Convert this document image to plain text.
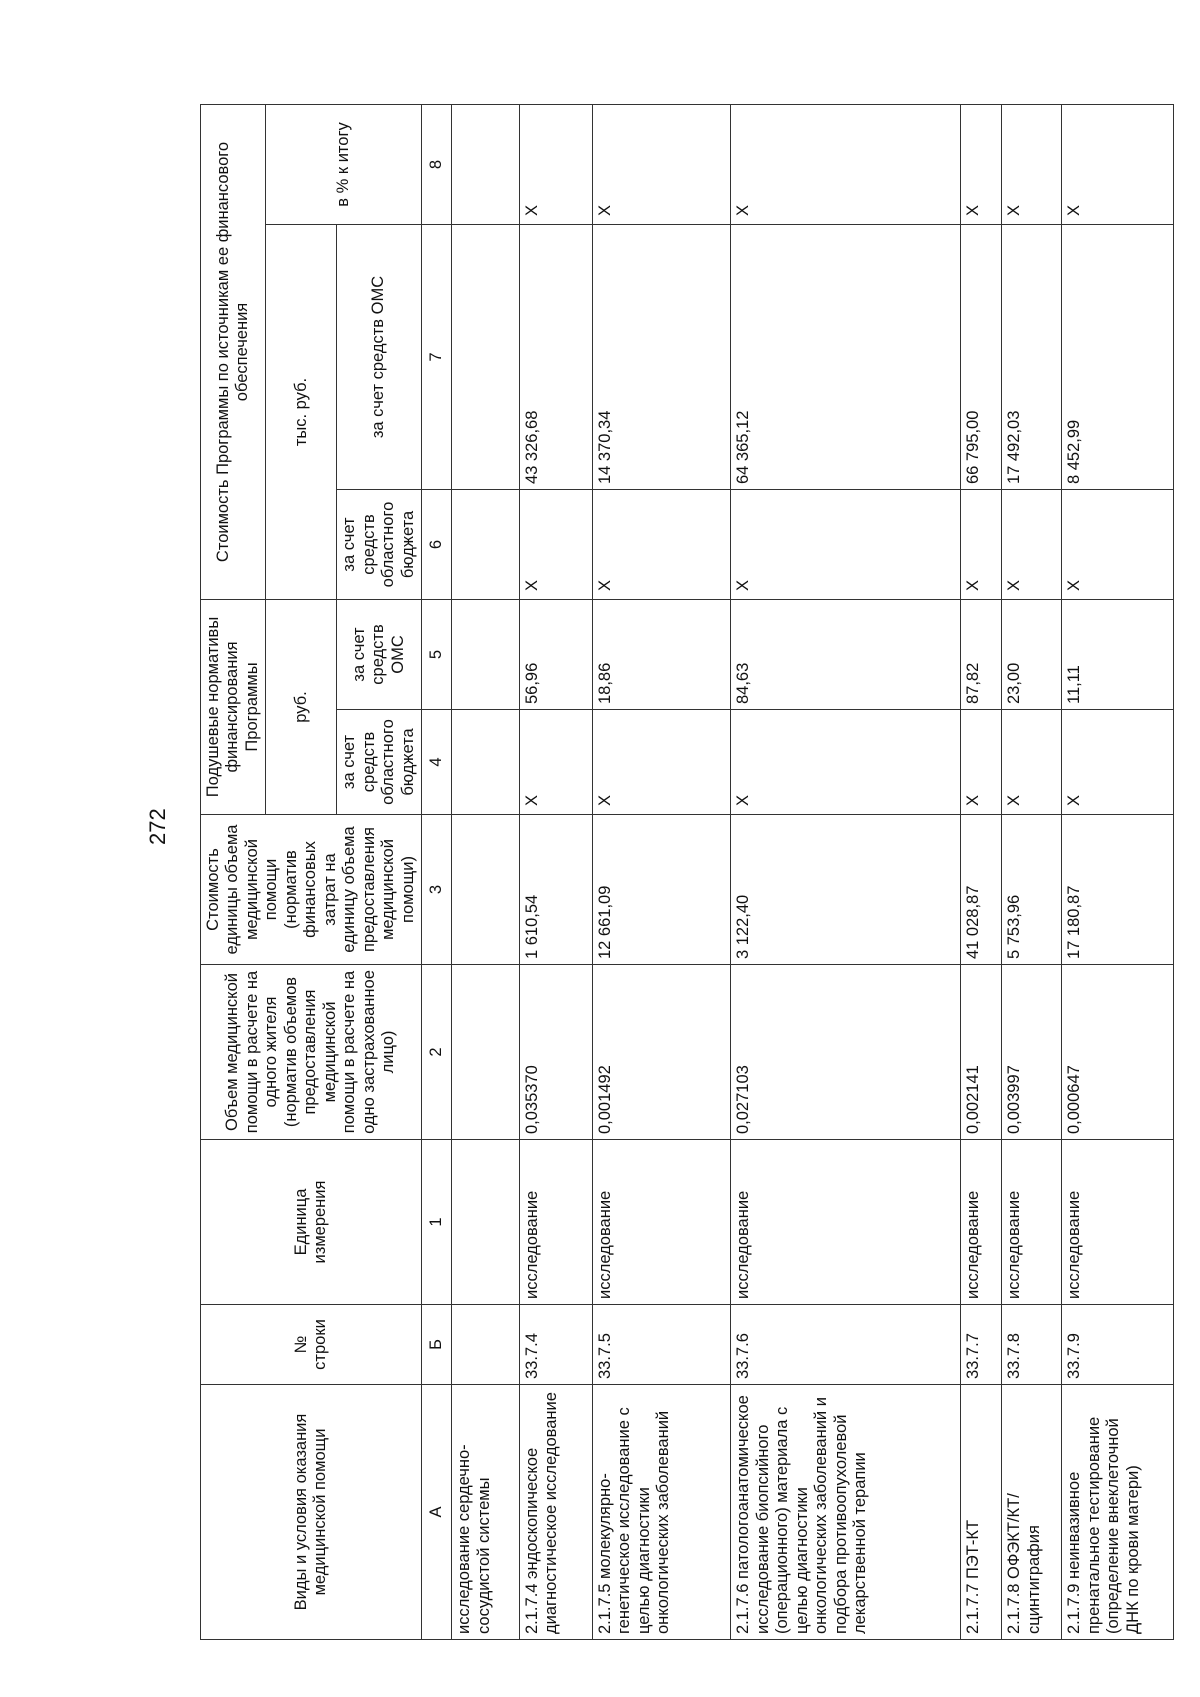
272
Виды и условия оказания медицинской помощи	№ строки	Единица измерения	Объем медицинской помощи в расчете на одного жителя (норматив объемов предоставления медицинской помощи в расчете на одно застрахованное лицо)	Стоимость единицы объема медицинской помощи (норматив финансовых затрат на единицу объема предоставления медицинской помощи)	Подушевые нормативы финансирования Программы		Стоимость Программы по источникам ее финансового обеспечения		
					руб.		тыс. руб.		в % к итогу
					за счет средств областного бюджета	за счет средств ОМС	за счет средств областного бюджета	за счет средств ОМС	
А	Б	1	2	3	4	5	6	7	8
исследование сердечно-сосудистой системы									
2.1.7.4 эндоскопическое диагностическое исследование	33.7.4	исследование	0,035370	1 610,54	Х	56,96	Х	43 326,68	Х
2.1.7.5 молекулярно-генетическое исследование с целью диагностики онкологических заболеваний	33.7.5	исследование	0,001492	12 661,09	Х	18,86	Х	14 370,34	Х
2.1.7.6 патологоанатомическое исследование биопсийного (операционного) материала с целью диагностики онкологических заболеваний и подбора противоопухолевой лекарственной терапии	33.7.6	исследование	0,027103	3 122,40	Х	84,63	Х	64 365,12	Х
2.1.7.7 ПЭТ-КТ	33.7.7	исследование	0,002141	41 028,87	Х	87,82	Х	66 795,00	Х
2.1.7.8 ОФЭКТ/КТ/сцинтиграфия	33.7.8	исследование	0,003997	5 753,96	Х	23,00	Х	17 492,03	Х
2.1.7.9 неинвазивное пренатальное тестирование (определение внеклеточной ДНК по крови матери)	33.7.9	исследование	0,000647	17 180,87	Х	11,11	Х	8 452,99	Х
